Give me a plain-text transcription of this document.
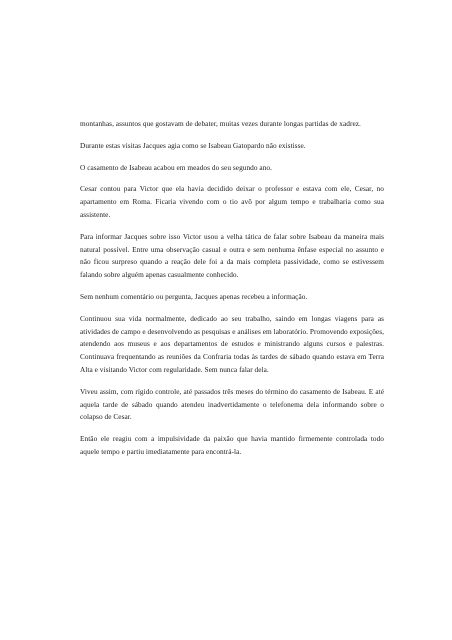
montanhas, assuntos que gostavam de debater, muitas vezes durante longas partidas de xadrez.

Durante estas visitas Jacques agia como se Isabeau Gatopardo não existisse.

O casamento de Isabeau acabou em meados do seu segundo ano.

Cesar contou para Victor que ela havia decidido deixar o professor e estava com ele, Cesar, no apartamento em Roma. Ficaria vivendo com o tio avô por algum tempo e trabalharia como sua assistente.

Para informar Jacques sobre isso Victor usou a velha tática de falar sobre Isabeau da maneira mais natural possível. Entre uma observação casual e outra e sem nenhuma ênfase especial no assunto e não ficou surpreso quando a reação dele foi a da mais completa passividade, como se estivessem falando sobre alguém apenas casualmente conhecido.

Sem nenhum comentário ou pergunta, Jacques apenas recebeu a informação.

Continuou sua vida normalmente, dedicado ao seu trabalho, saindo em longas viagens para as atividades de campo e desenvolvendo as pesquisas e análises em laboratório. Promovendo exposições, atendendo aos museus e aos departamentos de estudos e ministrando alguns cursos e palestras. Continuava frequentando as reuniões da Confraria todas às tardes de sábado quando estava em Terra Alta e visitando Victor com regularidade. Sem nunca falar dela.

Viveu assim, com rígido controle, até passados três meses do término do casamento de Isabeau. E até aquela tarde de sábado quando atendeu inadvertidamente o telefonema dela informando sobre o colapso de Cesar.

Então ele reagiu com a impulsividade da paixão que havia mantido firmemente controlada todo aquele tempo e partiu imediatamente para encontrá-la.
